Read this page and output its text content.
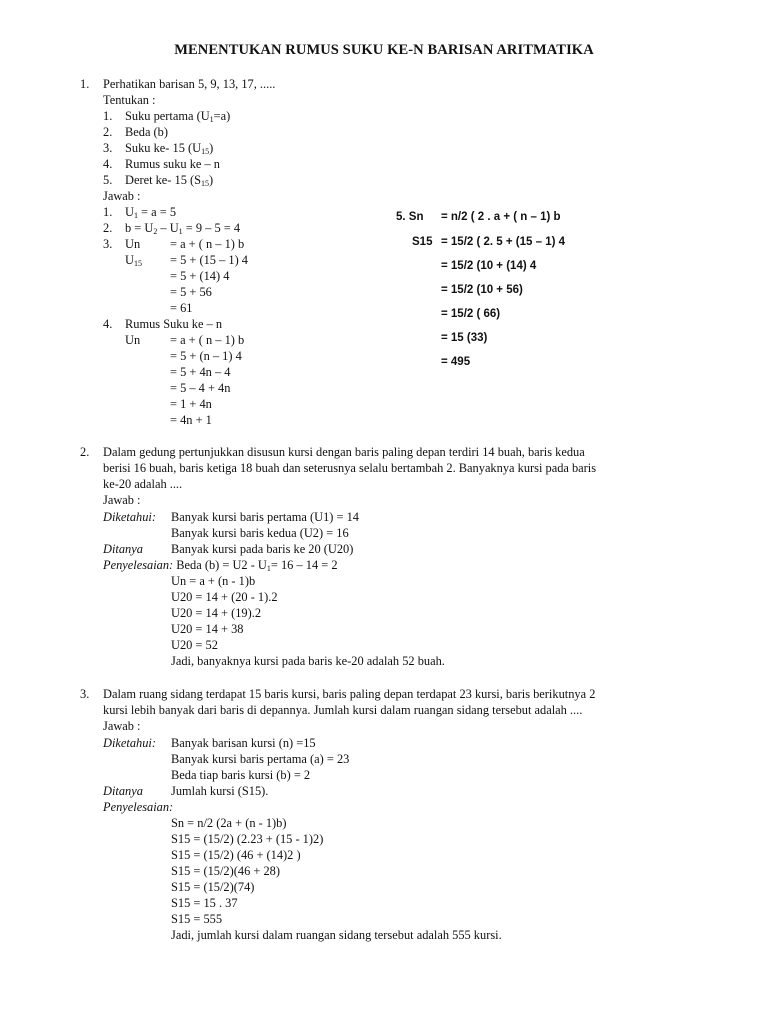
MENENTUKAN RUMUS SUKU KE-N BARISAN ARITMATIKA
1. Perhatikan barisan 5, 9, 13, 17, .....
Tentukan :
1. Suku pertama $(U_1=a)$
2. Beda (b)
3. Suku ke- 15 $(U_{15})$
4. Rumus suku ke – n
5. Deret ke- 15 $(S_{15})$
Jawab :
1. $U_1 = a = 5$
2. $b = U_2 - U_1 = 9 - 5 = 4$
3. Un
$U_{15}$
= a + ( n – 1) b
= 5 + (15 – 1) 4
= 5 + (14) 4
= 5 + 56
= 61
4. Rumus Suku ke – n
Un = a + ( n – 1) b
= 5 + (n – 1) 4
= 5 + 4n – 4
= 5 – 4 + 4n
= 1 + 4n
= 4n + 1
5. Sn
S15
= n/2 ( 2 . a + ( n – 1) b
= 15/2 ( 2. 5 + (15 – 1) 4
= 15/2 (10 + (14) 4
= 15/2 (10 + 56)
= 15/2 ( 66)
= 15 (33)
= 495
2. Dalam gedung pertunjukkan disusun kursi dengan baris paling depan terdiri 14 buah, baris kedua
berisi 16 buah, baris ketiga 18 buah dan seterusnya selalu bertambah 2. Banyaknya kursi pada baris
ke-20 adalah ....
Jawab :
Diketahui: Banyak kursi baris pertama (U1) = 14
Banyak kursi baris kedua (U2) = 16
Ditanya Banyak kursi pada baris ke 20 (U20)
Penyelesaian: Beda $(b) = U2 - U_1= 16 - 14 = 2$
Un = a + (n - 1)b
U20 = 14 + (20 - 1).2
U20 = 14 + (19).2
U20 = 14 + 38
U20 = 52
Jadi, banyaknya kursi pada baris ke-20 adalah 52 buah.
3. Dalam ruang sidang terdapat 15 baris kursi, baris paling depan terdapat 23 kursi, baris berikutnya 2
kursi lebih banyak dari baris di depannya. Jumlah kursi dalam ruangan sidang tersebut adalah ....
Jawab :
Diketahui: Banyak barisan kursi (n) =15
Banyak kursi baris pertama (a) = 23
Beda tiap baris kursi (b) = 2
Ditanya Jumlah kursi (S15).
Penyelesaian:
Sn = n/2 (2a + (n - 1)b)
S15 = (15/2) (2.23 + (15 - 1)2)
S15 = (15/2) (46 + (14)2 )
S15 = (15/2)(46 + 28)
S15 = (15/2)(74)
S15 = 15 . 37
S15 = 555
Jadi, jumlah kursi dalam ruangan sidang tersebut adalah 555 kursi.
